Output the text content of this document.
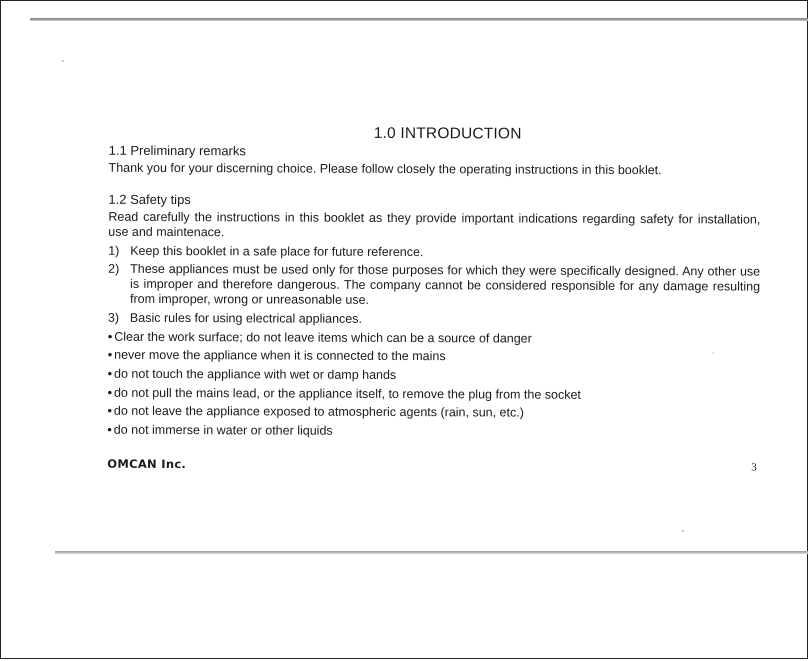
1.0 INTRODUCTION
1.1 Preliminary remarks
Thank you for your discerning choice. Please follow closely the operating instructions in this booklet.
1.2 Safety tips
Read carefully the instructions in this booklet as they provide important indications regarding safety for installation, use and maintenace.
1) Keep this booklet in a safe place for future reference.
2) These appliances must be used only for those purposes for which they were specifically designed. Any other use is improper and therefore dangerous. The company cannot be considered responsible for any damage resulting from improper, wrong or unreasonable use.
3) Basic rules for using electrical appliances.
• Clear the work surface; do not leave items which can be a source of danger
• never move the appliance when it is connected to the mains
• do not touch the appliance with wet or damp hands
• do not pull the mains lead, or the appliance itself, to remove the plug from the socket
• do not leave the appliance exposed to atmospheric agents (rain, sun, etc.)
• do not immerse in water or other liquids
OMCAN Inc.	3
